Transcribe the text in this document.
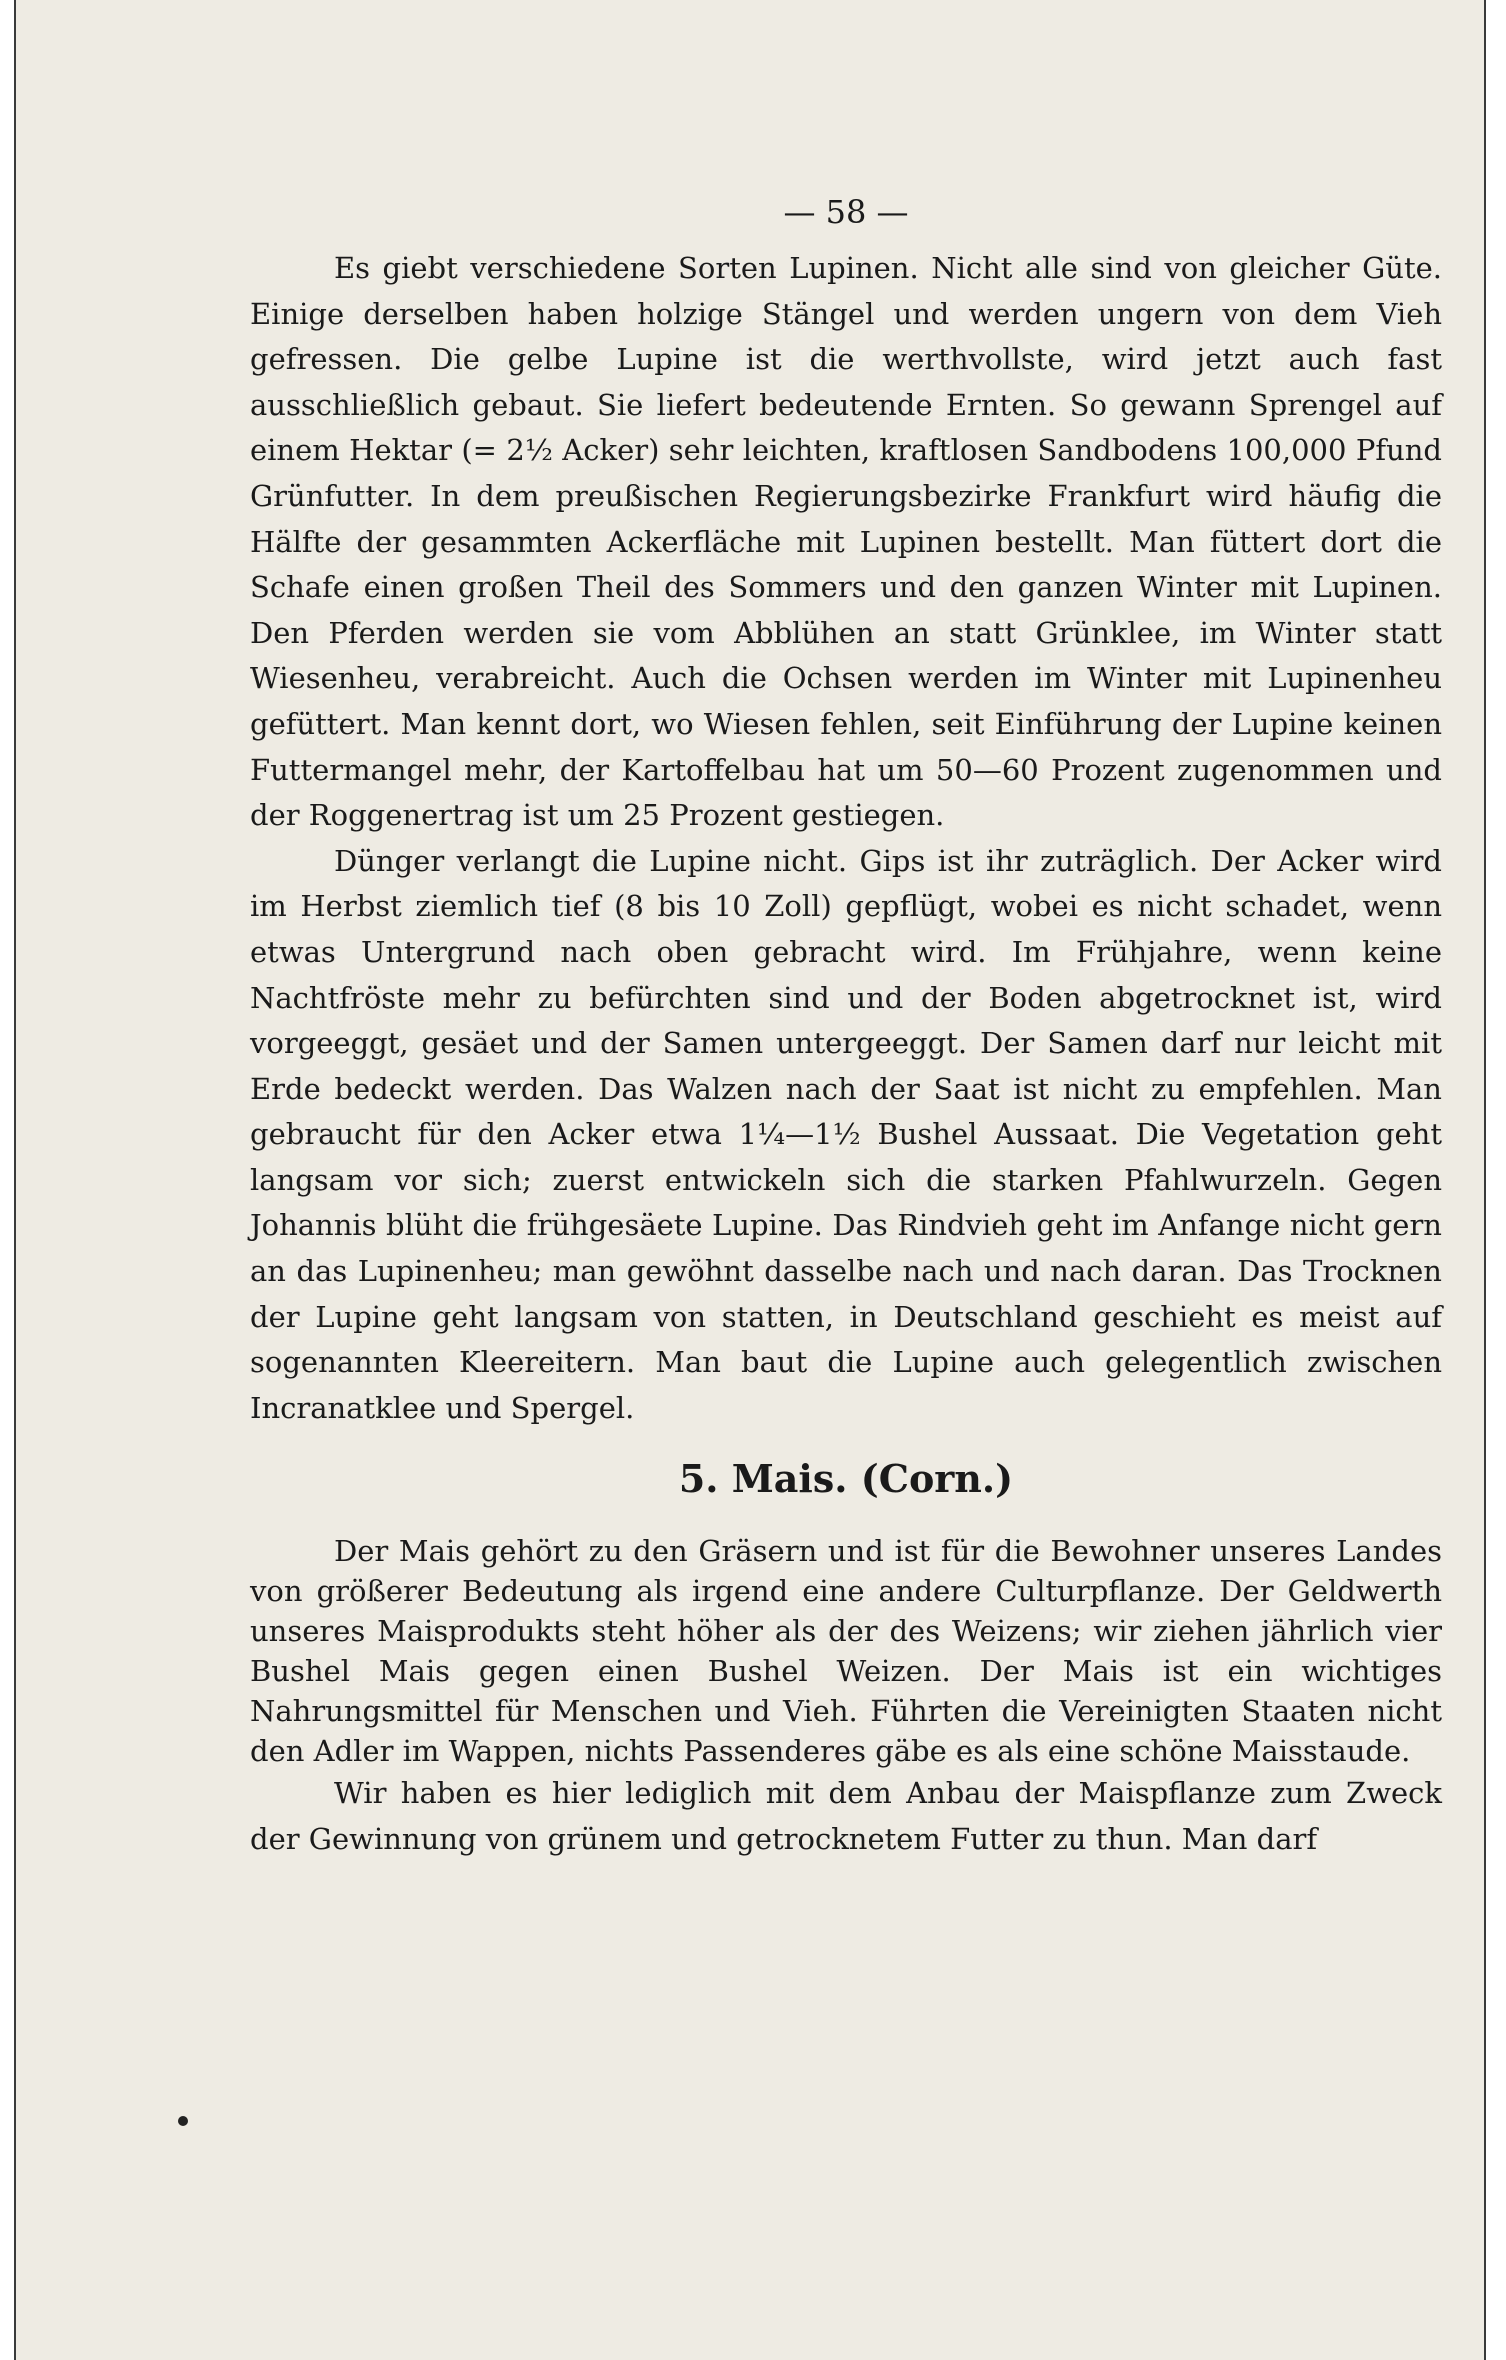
— 58 —

Es giebt verschiedene Sorten Lupinen. Nicht alle sind von gleicher Güte. Einige derselben haben holzige Stängel und werden ungern von dem Vieh gefressen. Die gelbe Lupine ist die werthvollste, wird jetzt auch fast ausschließlich gebaut. Sie liefert bedeutende Ernten. So gewann Sprengel auf einem Hektar (= 2½ Acker) sehr leichten, kraftlosen Sandbodens 100,000 Pfund Grünfutter. In dem preußischen Regierungsbezirke Frankfurt wird häufig die Hälfte der gesammten Ackerfläche mit Lupinen bestellt. Man füttert dort die Schafe einen großen Theil des Sommers und den ganzen Winter mit Lupinen. Den Pferden werden sie vom Abblühen an statt Grünklee, im Winter statt Wiesenheu, verabreicht. Auch die Ochsen werden im Winter mit Lupinenheu gefüttert. Man kennt dort, wo Wiesen fehlen, seit Einführung der Lupine keinen Futtermangel mehr, der Kartoffelbau hat um 50—60 Prozent zugenommen und der Roggenertrag ist um 25 Prozent gestiegen.

Dünger verlangt die Lupine nicht. Gips ist ihr zuträglich. Der Acker wird im Herbst ziemlich tief (8 bis 10 Zoll) gepflügt, wobei es nicht schadet, wenn etwas Untergrund nach oben gebracht wird. Im Frühjahre, wenn keine Nachtfröste mehr zu befürchten sind und der Boden abgetrocknet ist, wird vorgeeggt, gesäet und der Samen untergeeggt. Der Samen darf nur leicht mit Erde bedeckt werden. Das Walzen nach der Saat ist nicht zu empfehlen. Man gebraucht für den Acker etwa 1¼—1½ Bushel Aussaat. Die Vegetation geht langsam vor sich; zuerst entwickeln sich die starken Pfahlwurzeln. Gegen Johannis blüht die frühgesäete Lupine. Das Rindvieh geht im Anfange nicht gern an das Lupinenheu; man gewöhnt dasselbe nach und nach daran. Das Trocknen der Lupine geht langsam von statten, in Deutschland geschieht es meist auf sogenannten Kleereitern. Man baut die Lupine auch gelegentlich zwischen Incranatklee und Spergel.

5. Mais. (Corn.)

Der Mais gehört zu den Gräsern und ist für die Bewohner unseres Landes von größerer Bedeutung als irgend eine andere Culturpflanze. Der Geldwerth unseres Maisprodukts steht höher als der des Weizens; wir ziehen jährlich vier Bushel Mais gegen einen Bushel Weizen. Der Mais ist ein wichtiges Nahrungsmittel für Menschen und Vieh. Führten die Vereinigten Staaten nicht den Adler im Wappen, nichts Passenderes gäbe es als eine schöne Maisstaude.

Wir haben es hier lediglich mit dem Anbau der Maispflanze zum Zweck der Gewinnung von grünem und getrocknetem Futter zu thun. Man darf
